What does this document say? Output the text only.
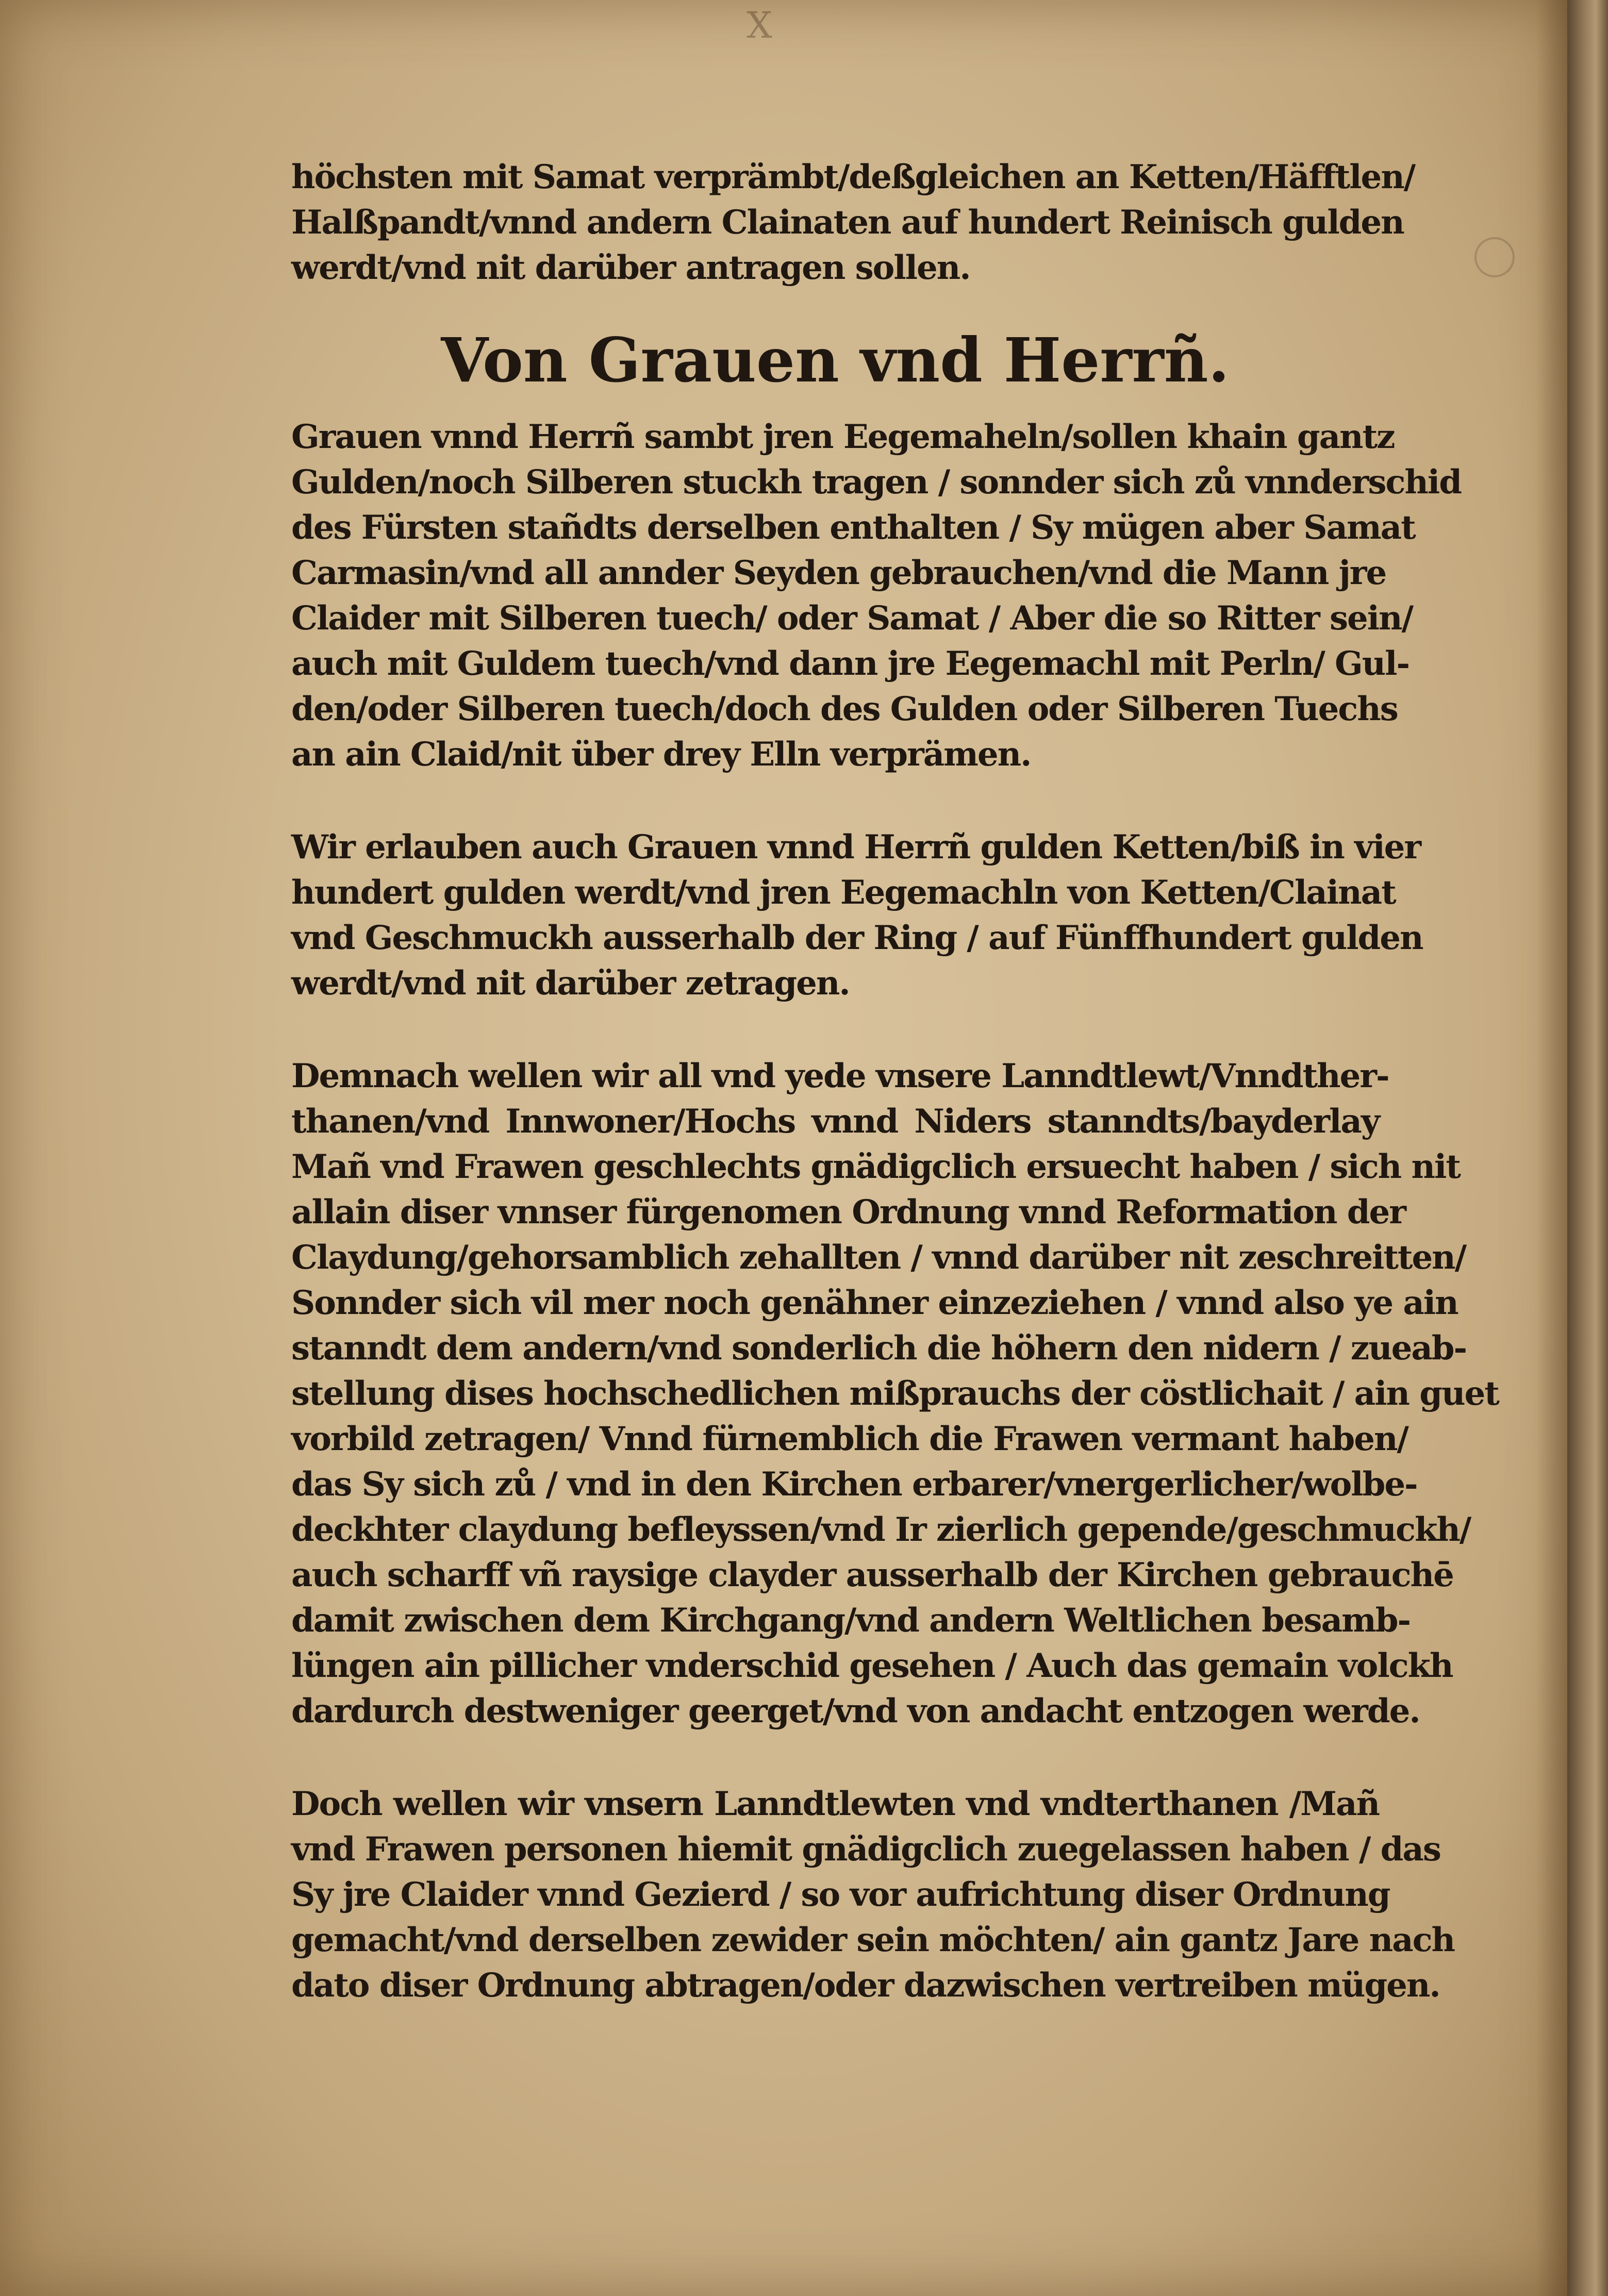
X
höchsten mit Samat verprämbt/deßgleichen an Ketten/Häfftlen/
Halßpandt/vnnd andern Clainaten auf hundert Reinisch gulden
werdt/vnd nit darüber antragen sollen.
Von Grauen vnd Herrñ.
Grauen vnnd Herrñ sambt jren Eegemaheln/sollen khain gantz
Gulden/noch Silberen stuckh tragen / sonnder sich zů vnnderschid
des Fürsten stañdts derselben enthalten / Sy mügen aber Samat
Carmasin/vnd all annder Seyden gebrauchen/vnd die Mann jre
Claider mit Silberen tuech/ oder Samat / Aber die so Ritter sein/
auch mit Guldem tuech/vnd dann jre Eegemachl mit Perln/ Gul-
den/oder Silberen tuech/doch des Gulden oder Silberen Tuechs
an ain Claid/nit über drey Elln verprämen.
Wir erlauben auch Grauen vnnd Herrñ gulden Ketten/biß in vier
hundert gulden werdt/vnd jren Eegemachln von Ketten/Clainat
vnd Geschmuckh ausserhalb der Ring / auf Fünffhundert gulden
werdt/vnd nit darüber zetragen.
Demnach wellen wir all vnd yede vnsere Lanndtlewt/Vnndther-
thanen/vnd Innwoner/Hochs vnnd Niders stanndts/bayderlay
Mañ vnd Frawen geschlechts gnädigclich ersuecht haben / sich nit
allain diser vnnser fürgenomen Ordnung vnnd Reformation der
Claydung/gehorsamblich zehallten / vnnd darüber nit zeschreitten/
Sonnder sich vil mer noch genähner einzeziehen / vnnd also ye ain
stanndt dem andern/vnd sonderlich die höhern den nidern / zueab-
stellung dises hochschedlichen mißprauchs der cöstlichait / ain guet
vorbild zetragen/ Vnnd fürnemblich die Frawen vermant haben/
das Sy sich zů / vnd in den Kirchen erbarer/vnergerlicher/wolbe-
deckhter claydung befleyssen/vnd Ir zierlich gepende/geschmuckh/
auch scharff vñ raysige clayder ausserhalb der Kirchen gebrauchē
damit zwischen dem Kirchgang/vnd andern Weltlichen besamb-
lüngen ain pillicher vnderschid gesehen / Auch das gemain volckh
dardurch destweniger geerget/vnd von andacht entzogen werde.
Doch wellen wir vnsern Lanndtlewten vnd vndterthanen /Mañ
vnd Frawen personen hiemit gnädigclich zuegelassen haben / das
Sy jre Claider vnnd Gezierd / so vor aufrichtung diser Ordnung
gemacht/vnd derselben zewider sein möchten/ ain gantz Jare nach
dato diser Ordnung abtragen/oder dazwischen vertreiben mügen.
